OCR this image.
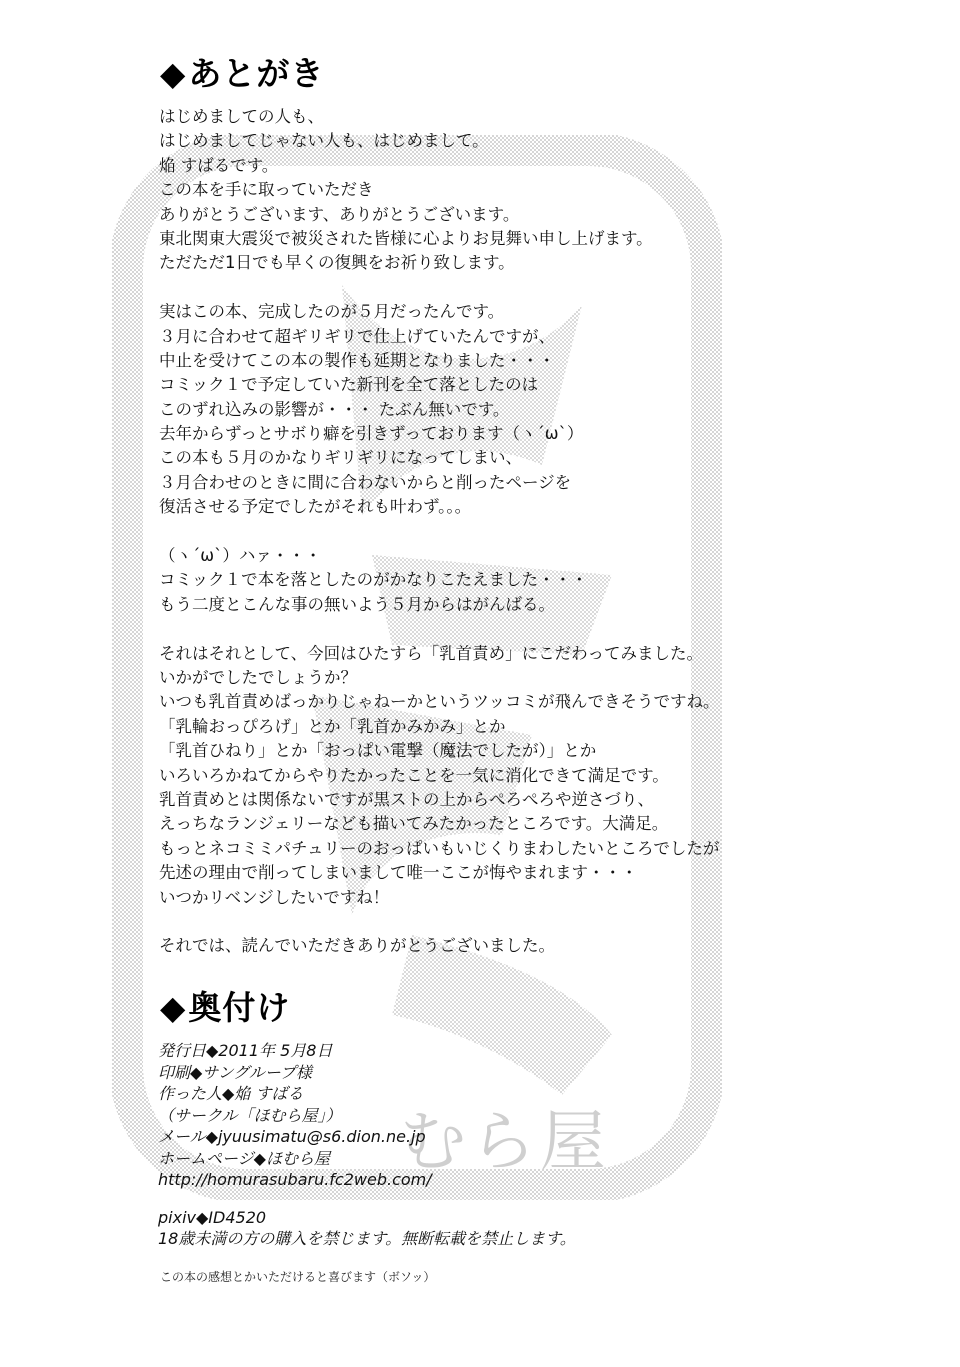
むら屋
◆あとがき
はじめましての人も、
はじめましてじゃない人も、はじめまして。
焔 すばるです。
この本を手に取っていただき
ありがとうございます、ありがとうございます。
東北関東大震災で被災された皆様に心よりお見舞い申し上げます。
ただただ1日でも早くの復興をお祈り致します。
実はこの本、完成したのが５月だったんです。
３月に合わせて超ギリギリで仕上げていたんですが、
中止を受けてこの本の製作も延期となりました・・・
コミック１で予定していた新刊を全て落としたのは
このずれ込みの影響が・・・ たぶん無いです。
去年からずっとサボり癖を引きずっております（ヽ´ω`）
この本も５月のかなりギリギリになってしまい、
３月合わせのときに間に合わないからと削ったページを
復活させる予定でしたがそれも叶わず。。。
（ヽ´ω`）ハァ・・・
コミック１で本を落としたのがかなりこたえました・・・
もう二度とこんな事の無いよう５月からはがんばる。
それはそれとして、今回はひたすら「乳首責め」にこだわってみました。
いかがでしたでしょうか？
いつも乳首責めばっかりじゃねーかというツッコミが飛んできそうですね。
「乳輪おっぴろげ」とか「乳首かみかみ」とか
「乳首ひねり」とか「おっぱい電撃（魔法でしたが）」とか
いろいろかねてからやりたかったことを一気に消化できて満足です。
乳首責めとは関係ないですが黒ストの上からぺろぺろや逆さづり、
えっちなランジェリーなども描いてみたかったところです。大満足。
もっとネコミミパチュリーのおっぱいもいじくりまわしたいところでしたが
先述の理由で削ってしまいまして唯一ここが悔やまれます・・・
いつかリベンジしたいですね！
それでは、読んでいただきありがとうございました。
◆奥付け
発行日◆2011年 5月8日
印刷◆サングループ様
作った人◆焔 すばる
（サークル「ほむら屋」）
メール◆jyuusimatu@s6.dion.ne.jp
ホームページ◆ほむら屋
http://homurasubaru.fc2web.com/
pixiv◆ID4520
18歳未満の方の購入を禁じます。無断転載を禁止します。
この本の感想とかいただけると喜びます（ボソッ）
